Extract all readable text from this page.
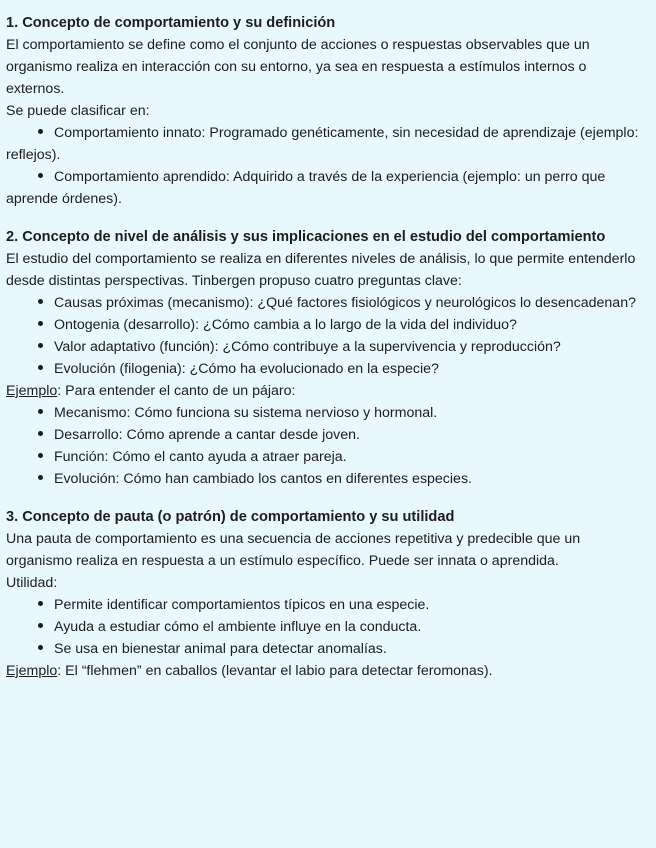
1. Concepto de comportamiento y su definición

El comportamiento se define como el conjunto de acciones o respuestas observables que un organismo realiza en interacción con su entorno, ya sea en respuesta a estímulos internos o externos.

Se puede clasificar en:

Comportamiento innato: Programado genéticamente, sin necesidad de aprendizaje (ejemplo: reflejos).
Comportamiento aprendido: Adquirido a través de la experiencia (ejemplo: un perro que aprende órdenes).
2. Concepto de nivel de análisis y sus implicaciones en el estudio del comportamiento

El estudio del comportamiento se realiza en diferentes niveles de análisis, lo que permite entenderlo desde distintas perspectivas. Tinbergen propuso cuatro preguntas clave:

Causas próximas (mecanismo): ¿Qué factores fisiológicos y neurológicos lo desencadenan?
Ontogenia (desarrollo): ¿Cómo cambia a lo largo de la vida del individuo?
Valor adaptativo (función): ¿Cómo contribuye a la supervivencia y reproducción?
Evolución (filogenia): ¿Cómo ha evolucionado en la especie?

Ejemplo: Para entender el canto de un pájaro:

Mecanismo: Cómo funciona su sistema nervioso y hormonal.
Desarrollo: Cómo aprende a cantar desde joven.
Función: Cómo el canto ayuda a atraer pareja.
Evolución: Cómo han cambiado los cantos en diferentes especies.
3. Concepto de pauta (o patrón) de comportamiento y su utilidad

Una pauta de comportamiento es una secuencia de acciones repetitiva y predecible que un organismo realiza en respuesta a un estímulo específico. Puede ser innata o aprendida.

Utilidad:

Permite identificar comportamientos típicos en una especie.
Ayuda a estudiar cómo el ambiente influye en la conducta.
Se usa en bienestar animal para detectar anomalías.

Ejemplo: El “flehmen” en caballos (levantar el labio para detectar feromonas).
